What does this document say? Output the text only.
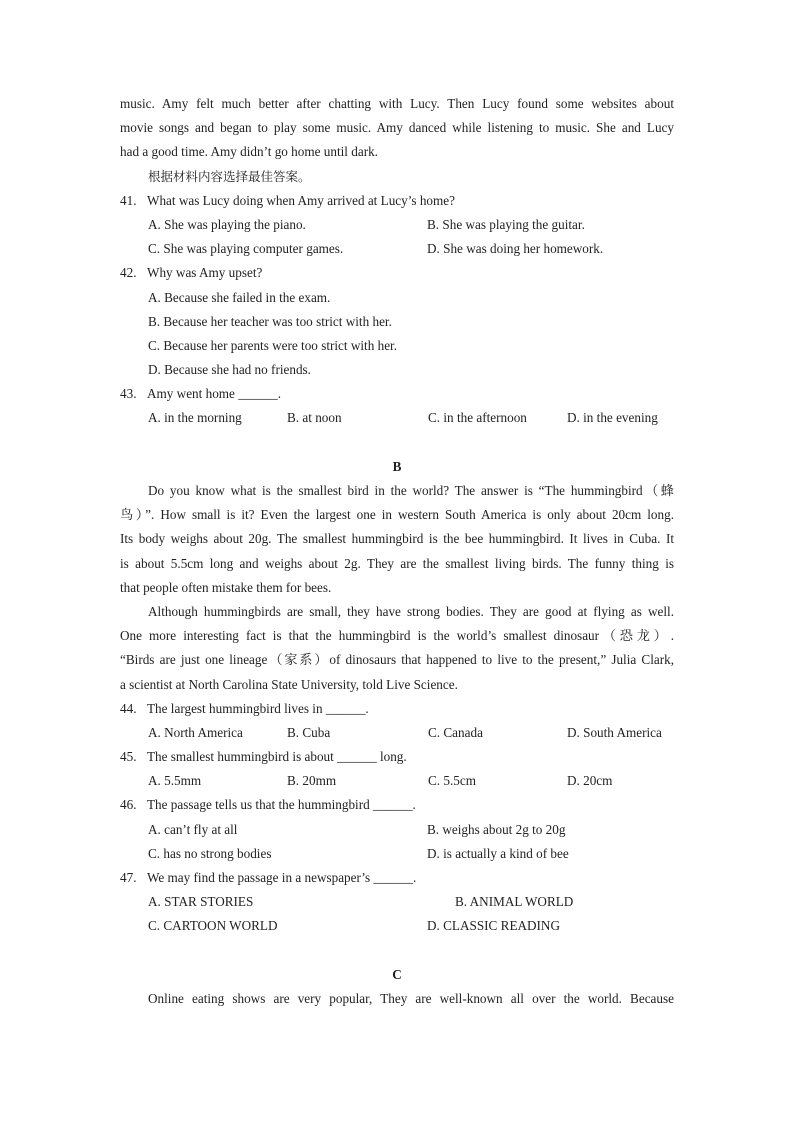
music. Amy felt much better after chatting with Lucy. Then Lucy found some websites about
movie songs and began to play some music. Amy danced while listening to music. She and Lucy
had a good time. Amy didn’t go home until dark.
根据材料内容选择最佳答案。
41. What was Lucy doing when Amy arrived at Lucy’s home?
A. She was playing the piano.	B. She was playing the guitar.
C. She was playing computer games.	D. She was doing her homework.
42. Why was Amy upset?
A. Because she failed in the exam.
B. Because her teacher was too strict with her.
C. Because her parents were too strict with her.
D. Because she had no friends.
43. Amy went home ______.
A. in the morning	B. at noon	C. in the afternoon	D. in the evening
B
Do you know what is the smallest bird in the world? The answer is “The hummingbird（蜂
鸟）”. How small is it? Even the largest one in western South America is only about 20cm long.
Its body weighs about 20g. The smallest hummingbird is the bee hummingbird. It lives in Cuba. It
is about 5.5cm long and weighs about 2g. They are the smallest living birds. The funny thing is
that people often mistake them for bees.
Although hummingbirds are small, they have strong bodies. They are good at flying as well.
One more interesting fact is that the hummingbird is the world’s smallest dinosaur（恐龙）.
“Birds are just one lineage（家系）of dinosaurs that happened to live to the present,” Julia Clark,
a scientist at North Carolina State University, told Live Science.
44. The largest hummingbird lives in ______.
A. North America	B. Cuba	C. Canada	D. South America
45. The smallest hummingbird is about ______ long.
A. 5.5mm	B. 20mm	C. 5.5cm	D. 20cm
46. The passage tells us that the hummingbird ______.
A. can’t fly at all	B. weighs about 2g to 20g
C. has no strong bodies	D. is actually a kind of bee
47. We may find the passage in a newspaper’s ______.
A. STAR STORIES	B. ANIMAL WORLD
C. CARTOON WORLD	D. CLASSIC READING
C
Online eating shows are very popular, They are well-known all over the world. Because
